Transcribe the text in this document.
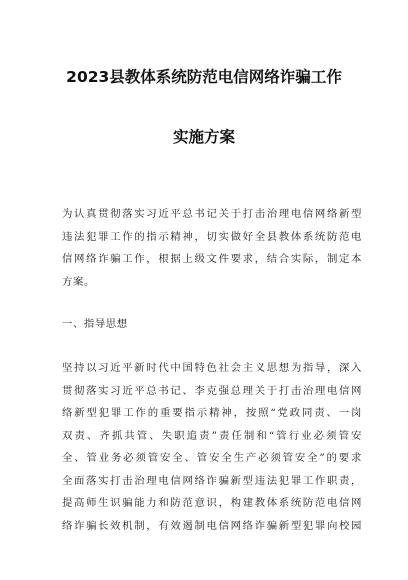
2023县教体系统防范电信网络诈骗工作
实施方案
为认真贯彻落实习近平总书记关于打击治理电信网络新型
违法犯罪工作的指示精神，切实做好全县教体系统防范电
信网络诈骗工作，根据上级文件要求，结合实际，制定本
方案。
一、指导思想
坚持以习近平新时代中国特色社会主义思想为指导，深入
贯彻落实习近平总书记、李克强总理关于打击治理电信网
络新型犯罪工作的重要指示精神，按照“党政同责、一岗
双责、齐抓共管、失职追责”责任制和“管行业必须管安
全、管业务必须管安全、管安全生产必须管安全”的要求
全面落实打击治理电信网络诈骗新型违法犯罪工作职责，
提高师生识骗能力和防范意识，构建教体系统防范电信网
络诈骗长效机制，有效遏制电信网络诈骗新型犯罪向校园
